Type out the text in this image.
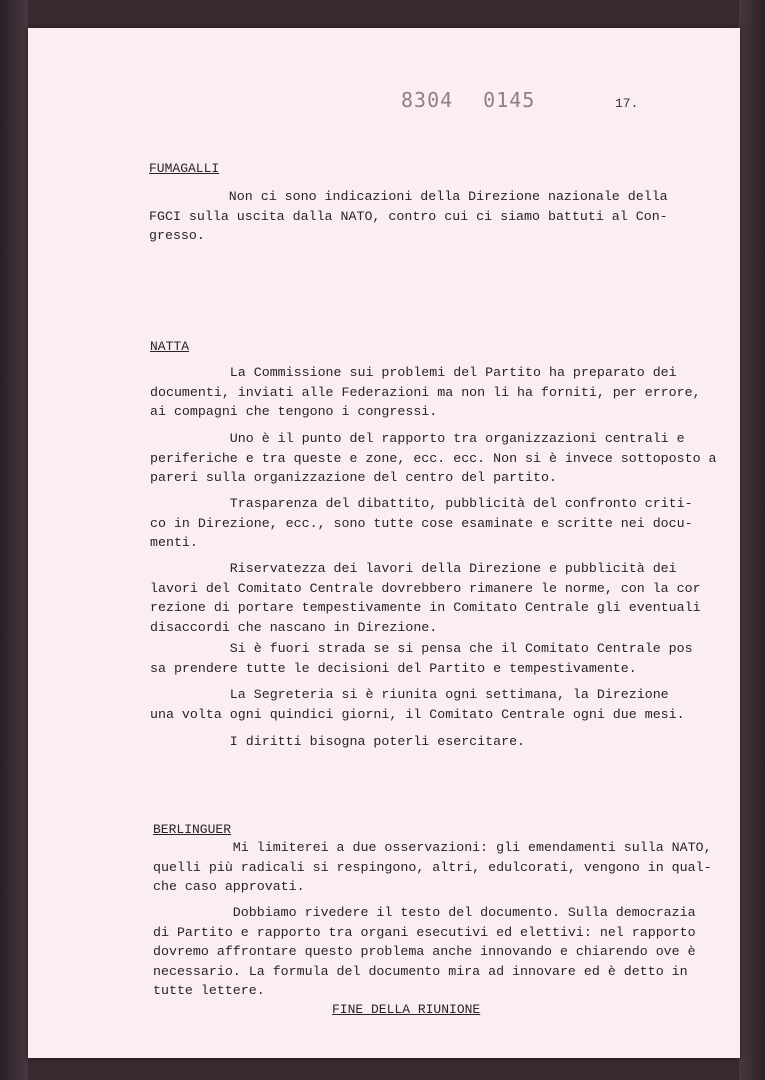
8304 0145	17.
FUMAGALLI
Non ci sono indicazioni della Direzione nazionale della
FGCI sulla uscita dalla NATO, contro cui ci siamo battuti al Con-
gresso.
NATTA
La Commissione sui problemi del Partito ha preparato dei
documenti, inviati alle Federazioni ma non li ha forniti, per errore,
ai compagni che tengono i congressi.
Uno è il punto del rapporto tra organizzazioni centrali e
periferiche e tra queste e zone, ecc. ecc. Non si è invece sottoposto a
pareri sulla organizzazione del centro del partito.
Trasparenza del dibattito, pubblicità del confronto criti-
co in Direzione, ecc., sono tutte cose esaminate e scritte nei docu-
menti.
Riservatezza dei lavori della Direzione e pubblicità dei
lavori del Comitato Centrale dovrebbero rimanere le norme, con la cor
rezione di portare tempestivamente in Comitato Centrale gli eventuali
disaccordi che nascano in Direzione.
Si è fuori strada se si pensa che il Comitato Centrale pos
sa prendere tutte le decisioni del Partito e tempestivamente.
La Segreteria si è riunita ogni settimana, la Direzione
una volta ogni quindici giorni, il Comitato Centrale ogni due mesi.
I diritti bisogna poterli esercitare.
BERLINGUER
Mi limiterei a due osservazioni: gli emendamenti sulla NATO,
quelli più radicali si respingono, altri, edulcorati, vengono in qual-
che caso approvati.
Dobbiamo rivedere il testo del documento. Sulla democrazia
di Partito e rapporto tra organi esecutivi ed elettivi: nel rapporto
dovremo affrontare questo problema anche innovando e chiarendo ove è
necessario. La formula del documento mira ad innovare ed è detto in
tutte lettere.
FINE DELLA RIUNIONE
